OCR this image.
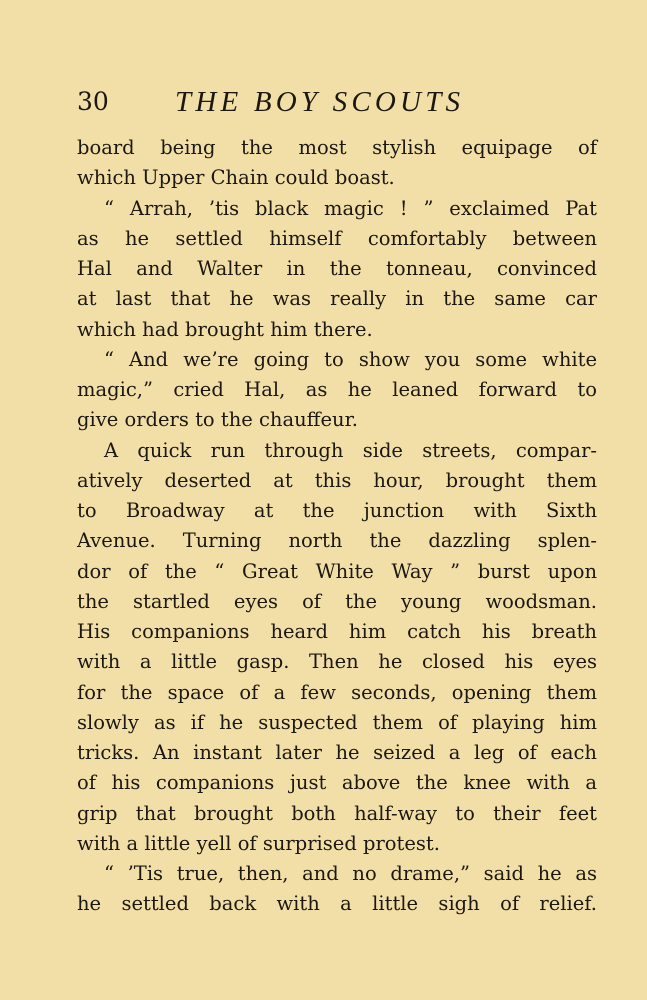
30 THE BOY SCOUTS
board being the most stylish equipage of
which Upper Chain could boast.
“ Arrah, ’tis black magic ! ” exclaimed Pat
as he settled himself comfortably between
Hal and Walter in the tonneau, convinced
at last that he was really in the same car
which had brought him there.
“ And we’re going to show you some white
magic,” cried Hal, as he leaned forward to
give orders to the chauffeur.
A quick run through side streets, compar-
atively deserted at this hour, brought them
to Broadway at the junction with Sixth
Avenue. Turning north the dazzling splen-
dor of the “ Great White Way ” burst upon
the startled eyes of the young woodsman.
His companions heard him catch his breath
with a little gasp. Then he closed his eyes
for the space of a few seconds, opening them
slowly as if he suspected them of playing him
tricks. An instant later he seized a leg of each
of his companions just above the knee with a
grip that brought both half-way to their feet
with a little yell of surprised protest.
“ ’Tis true, then, and no drame,” said he as
he settled back with a little sigh of relief.
